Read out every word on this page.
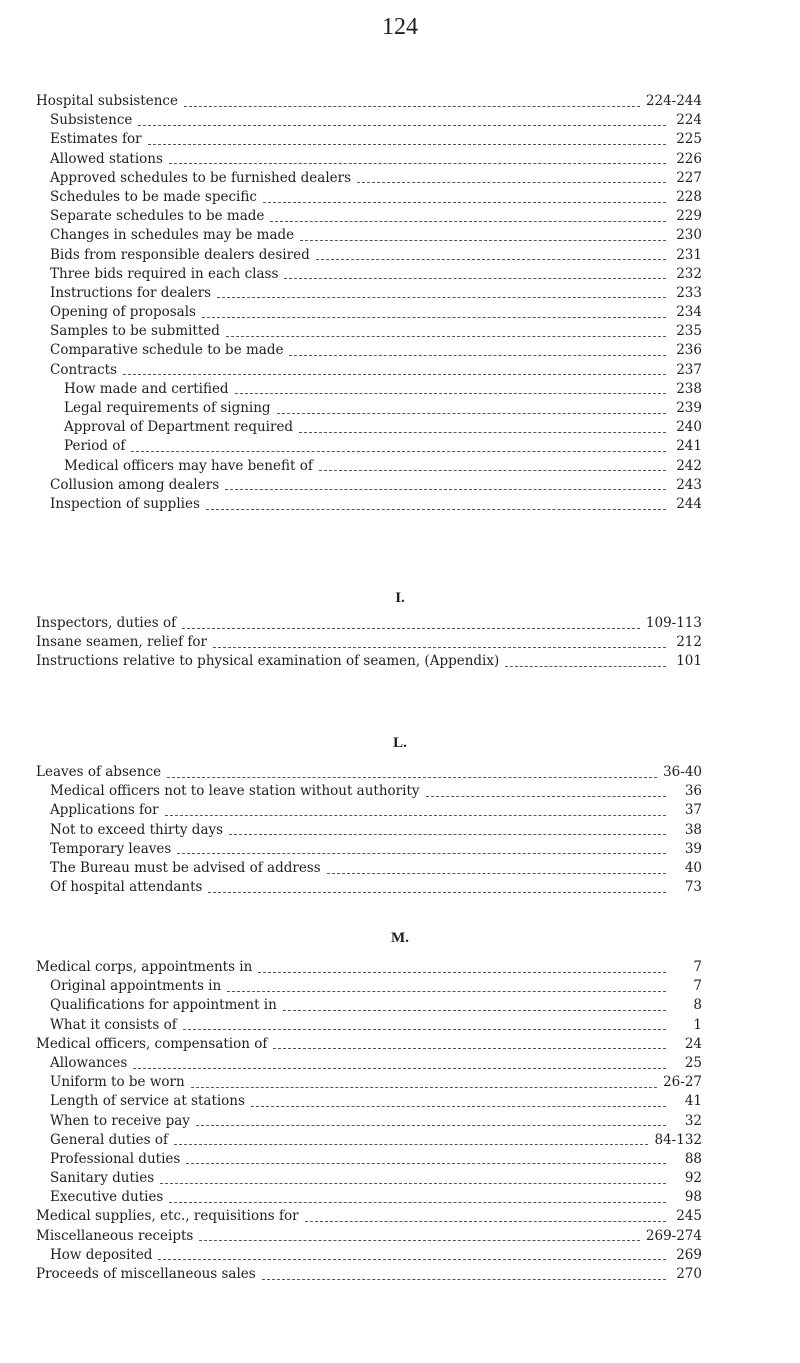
124
Hospital subsistence	224-244
Subsistence	224
Estimates for	225
Allowed stations	226
Approved schedules to be furnished dealers	227
Schedules to be made specific	228
Separate schedules to be made	229
Changes in schedules may be made	230
Bids from responsible dealers desired	231
Three bids required in each class	232
Instructions for dealers	233
Opening of proposals	234
Samples to be submitted	235
Comparative schedule to be made	236
Contracts	237
How made and certified	238
Legal requirements of signing	239
Approval of Department required	240
Period of	241
Medical officers may have benefit of	242
Collusion among dealers	243
Inspection of supplies	244
Inspectors, duties of	109-113
Insane seamen, relief for	212
Instructions relative to physical examination of seamen, (Appendix)	101
Leaves of absence	36-40
Medical officers not to leave station without authority	36
Applications for	37
Not to exceed thirty days	38
Temporary leaves	39
The Bureau must be advised of address	40
Of hospital attendants	73
Medical corps, appointments in	7
Original appointments in	7
Qualifications for appointment in	8
What it consists of	1
Medical officers, compensation of	24
Allowances	25
Uniform to be worn	26-27
Length of service at stations	41
When to receive pay	32
General duties of	84-132
Professional duties	88
Sanitary duties	92
Executive duties	98
Medical supplies, etc., requisitions for	245
Miscellaneous receipts	269-274
How deposited	269
Proceeds of miscellaneous sales	270
I.
L.
M.
